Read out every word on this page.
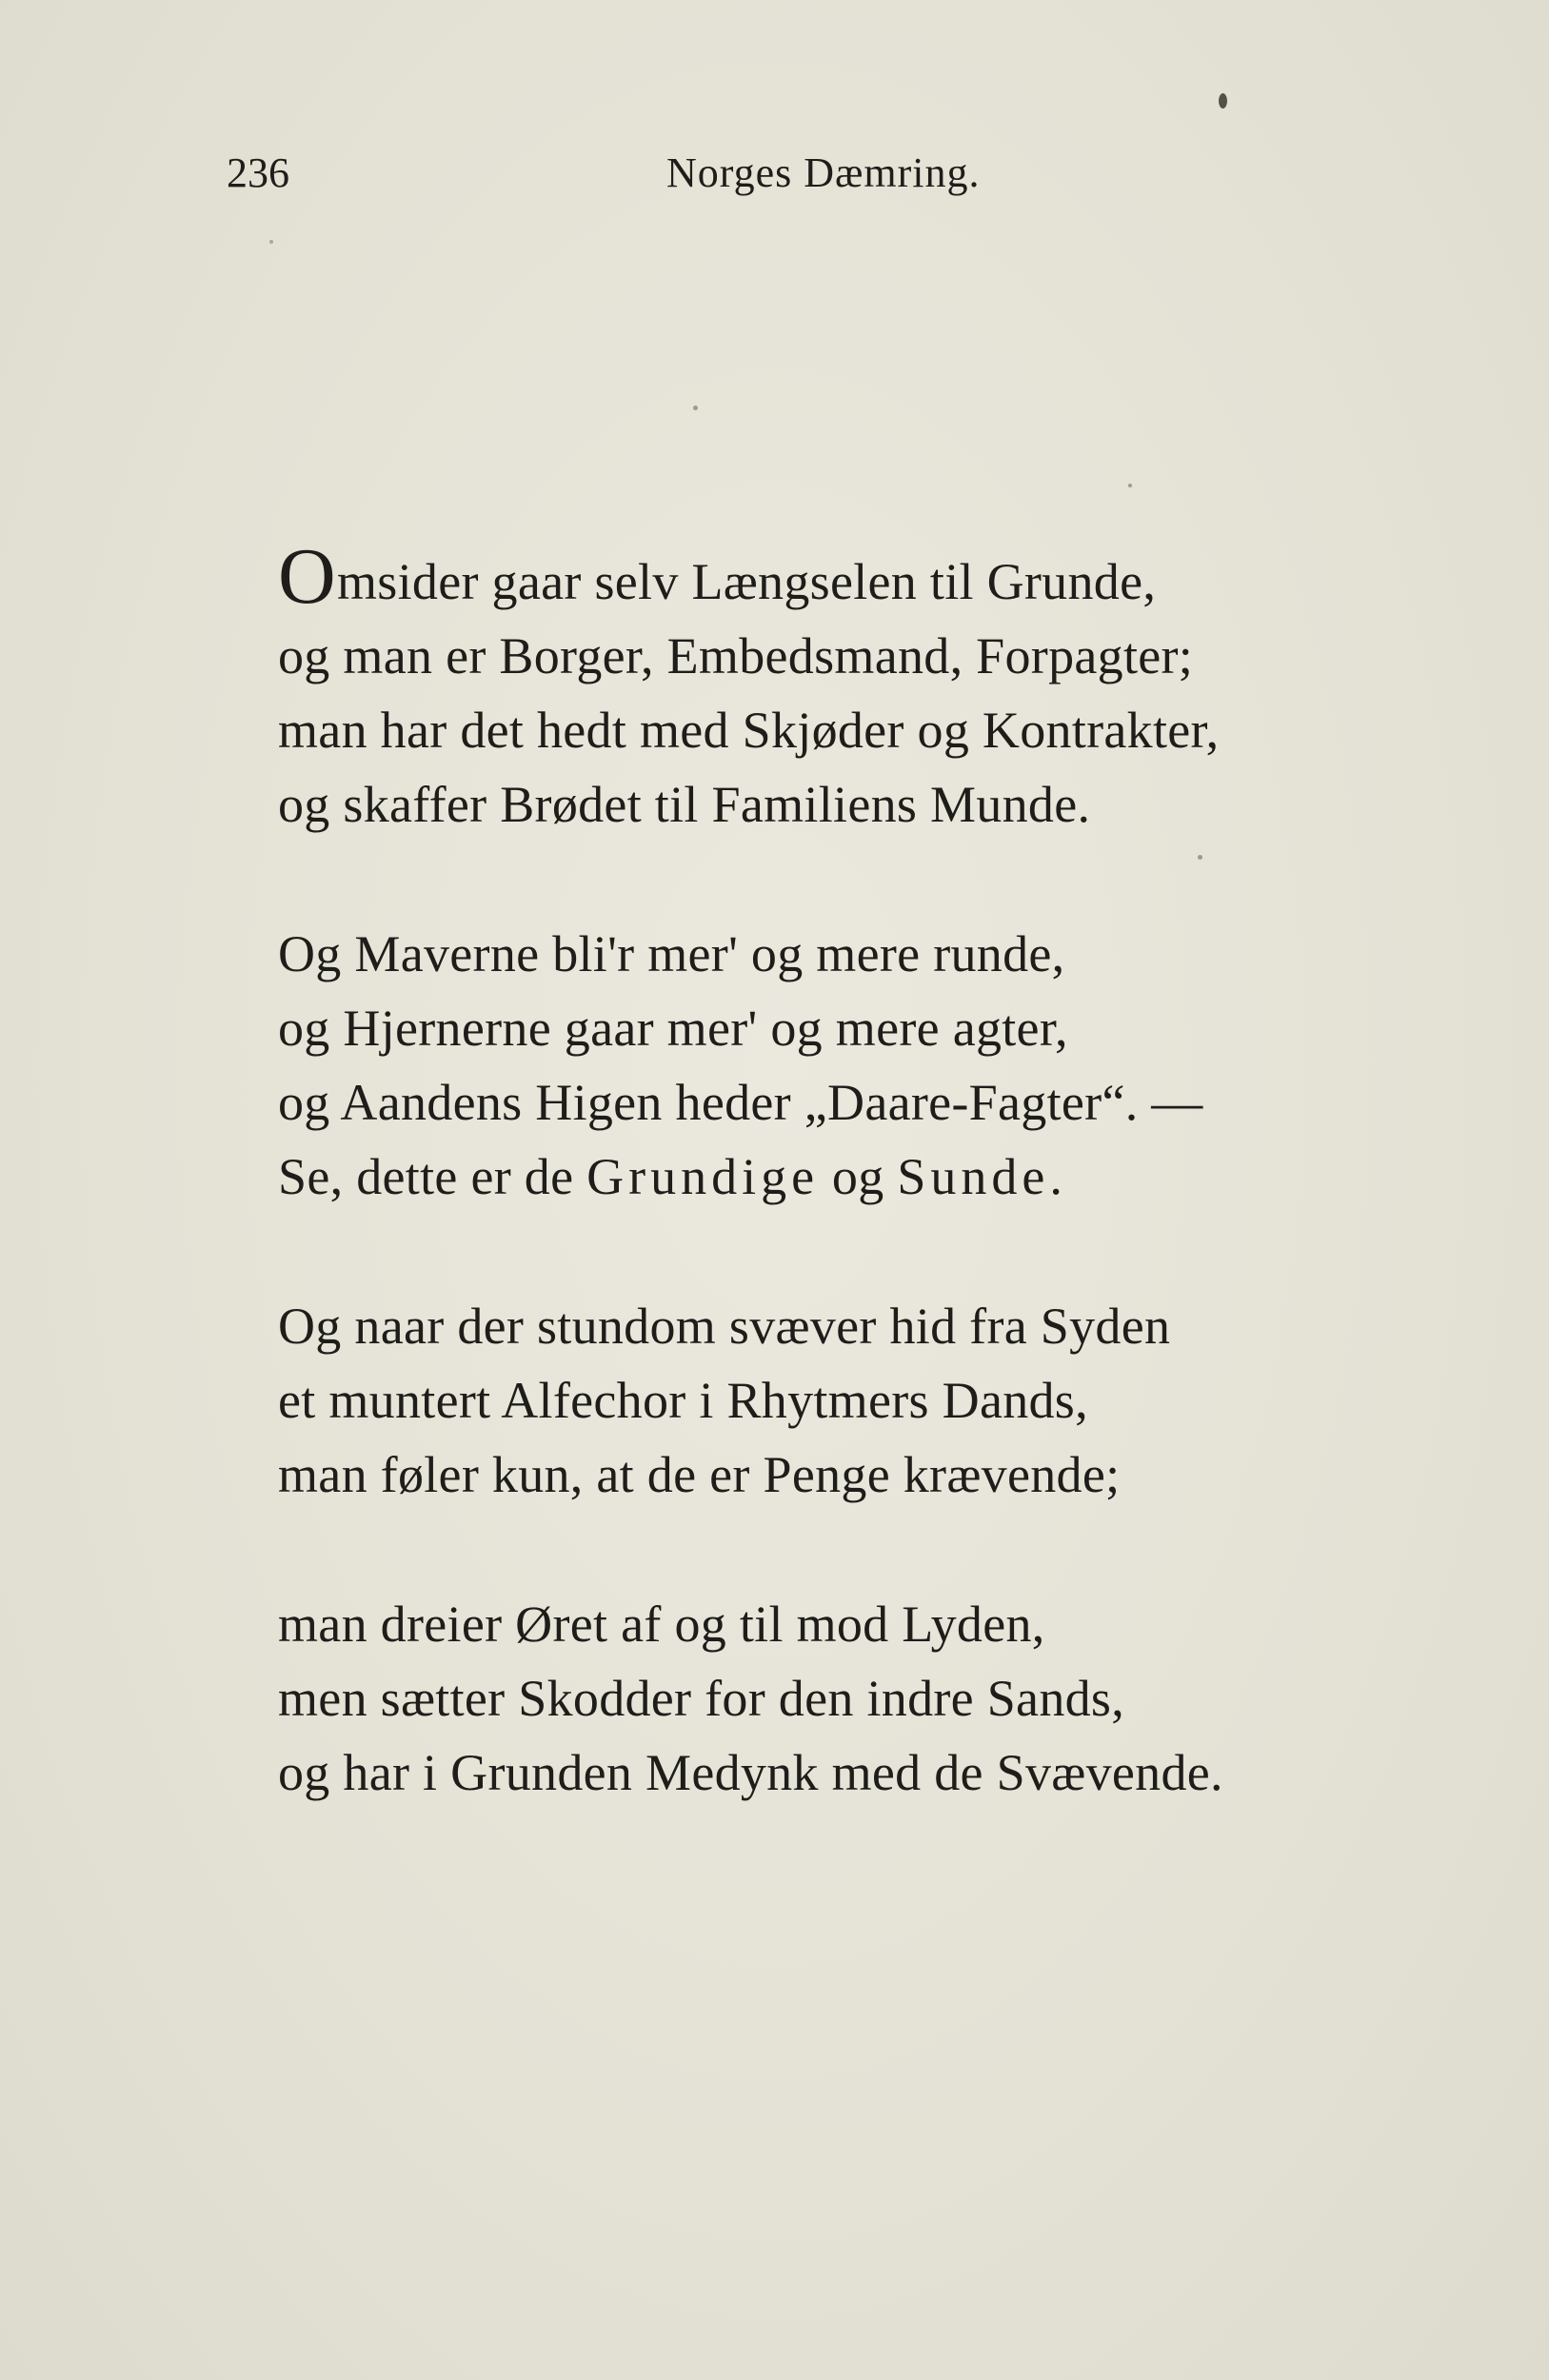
236	Norges Dæmring.
Omsider gaar selv Længselen til Grunde,
og man er Borger, Embedsmand, Forpagter;
man har det hedt med Skjøder og Kontrakter,
og skaffer Brødet til Familiens Munde.
Og Maverne bli'r mer' og mere runde,
og Hjernerne gaar mer' og mere agter,
og Aandens Higen heder „Daare-Fagter“. —
Se, dette er de Grundige og Sunde.
Og naar der stundom svæver hid fra Syden
et muntert Alfechor i Rhytmers Dands,
man føler kun, at de er Penge krævende;
man dreier Øret af og til mod Lyden,
men sætter Skodder for den indre Sands,
og har i Grunden Medynk med de Svævende.
